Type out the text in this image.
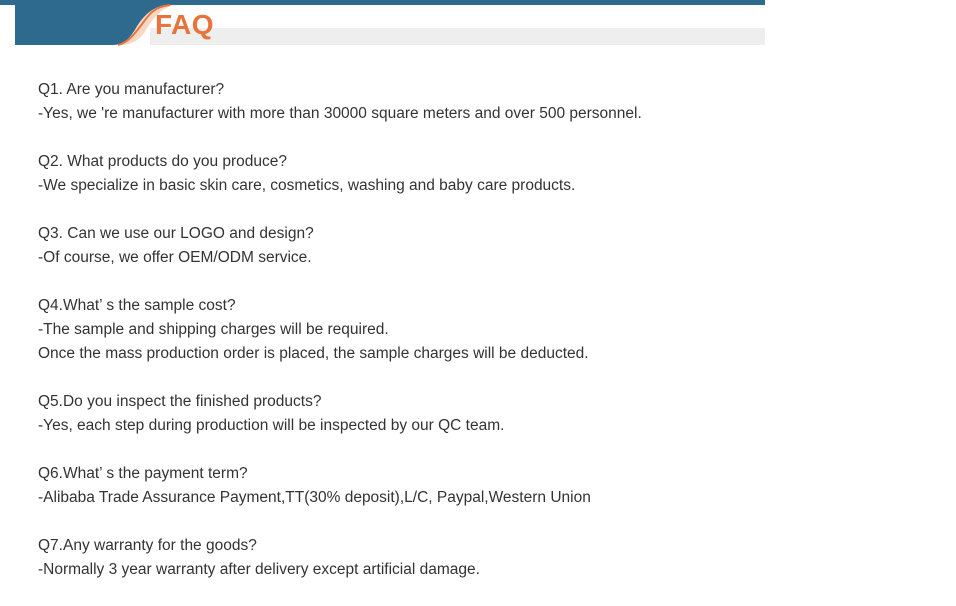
FAQ
Q1. Are you manufacturer?
-Yes, we 're manufacturer with more than 30000 square meters and over 500 personnel.
Q2. What products do you produce?
-We specialize in basic skin care, cosmetics, washing and baby care products.
Q3. Can we use our LOGO and design?
-Of course, we offer OEM/ODM service.
Q4.What’ s the sample cost?
-The sample and shipping charges will be required.
Once the mass production order is placed, the sample charges will be deducted.
Q5.Do you inspect the finished products?
-Yes, each step during production will be inspected by our QC team.
Q6.What’ s the payment term?
-Alibaba Trade Assurance Payment,TT(30% deposit),L/C, Paypal,Western Union
Q7.Any warranty for the goods?
-Normally 3 year warranty after delivery except artificial damage.
